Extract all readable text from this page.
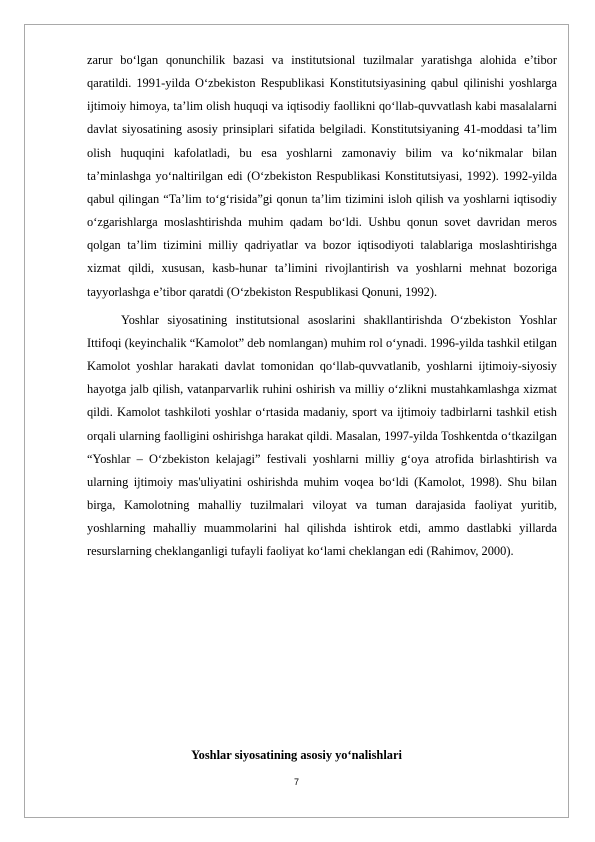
zarur bo‘lgan qonunchilik bazasi va institutsional tuzilmalar yaratishga alohida e’tibor qaratildi. 1991-yilda O‘zbekiston Respublikasi Konstitutsiyasining qabul qilinishi yoshlarga ijtimoiy himoya, ta’lim olish huquqi va iqtisodiy faollikni qo‘llab-quvvatlash kabi masalalarni davlat siyosatining asosiy prinsiplari sifatida belgiladi. Konstitutsiyaning 41-moddasi ta’lim olish huquqini kafolatladi, bu esa yoshlarni zamonaviy bilim va ko‘nikmalar bilan ta’minlashga yo‘naltirilgan edi (O‘zbekiston Respublikasi Konstitutsiyasi, 1992). 1992-yilda qabul qilingan “Ta’lim to‘g‘risida”gi qonun ta’lim tizimini isloh qilish va yoshlarni iqtisodiy o‘zgarishlarga moslashtirishda muhim qadam bo‘ldi. Ushbu qonun sovet davridan meros qolgan ta’lim tizimini milliy qadriyatlar va bozor iqtisodiyoti talablariga moslashtirishga xizmat qildi, xususan, kasb-hunar ta’limini rivojlantirish va yoshlarni mehnat bozoriga tayyorlashga e’tibor qaratdi (O‘zbekiston Respublikasi Qonuni, 1992).

Yoshlar siyosatining institutsional asoslarini shakllantirishda O‘zbekiston Yoshlar Ittifoqi (keyinchalik “Kamolot” deb nomlangan) muhim rol o‘ynadi. 1996-yilda tashkil etilgan Kamolot yoshlar harakati davlat tomonidan qo‘llab-quvvatlanib, yoshlarni ijtimoiy-siyosiy hayotga jalb qilish, vatanparvarlik ruhini oshirish va milliy o‘zlikni mustahkamlashga xizmat qildi. Kamolot tashkiloti yoshlar o‘rtasida madaniy, sport va ijtimoiy tadbirlarni tashkil etish orqali ularning faolligini oshirishga harakat qildi. Masalan, 1997-yilda Toshkentda o‘tkazilgan “Yoshlar – O‘zbekiston kelajagi” festivali yoshlarni milliy g‘oya atrofida birlashtirish va ularning ijtimoiy mas'uliyatini oshirishda muhim voqea bo‘ldi (Kamolot, 1998). Shu bilan birga, Kamolotning mahalliy tuzilmalari viloyat va tuman darajasida faoliyat yuritib, yoshlarning mahalliy muammolarini hal qilishda ishtirok etdi, ammo dastlabki yillarda resurslarning cheklanganligi tufayli faoliyat ko‘lami cheklangan edi (Rahimov, 2000).

Yoshlar siyosatining asosiy yo‘nalishlari
7
